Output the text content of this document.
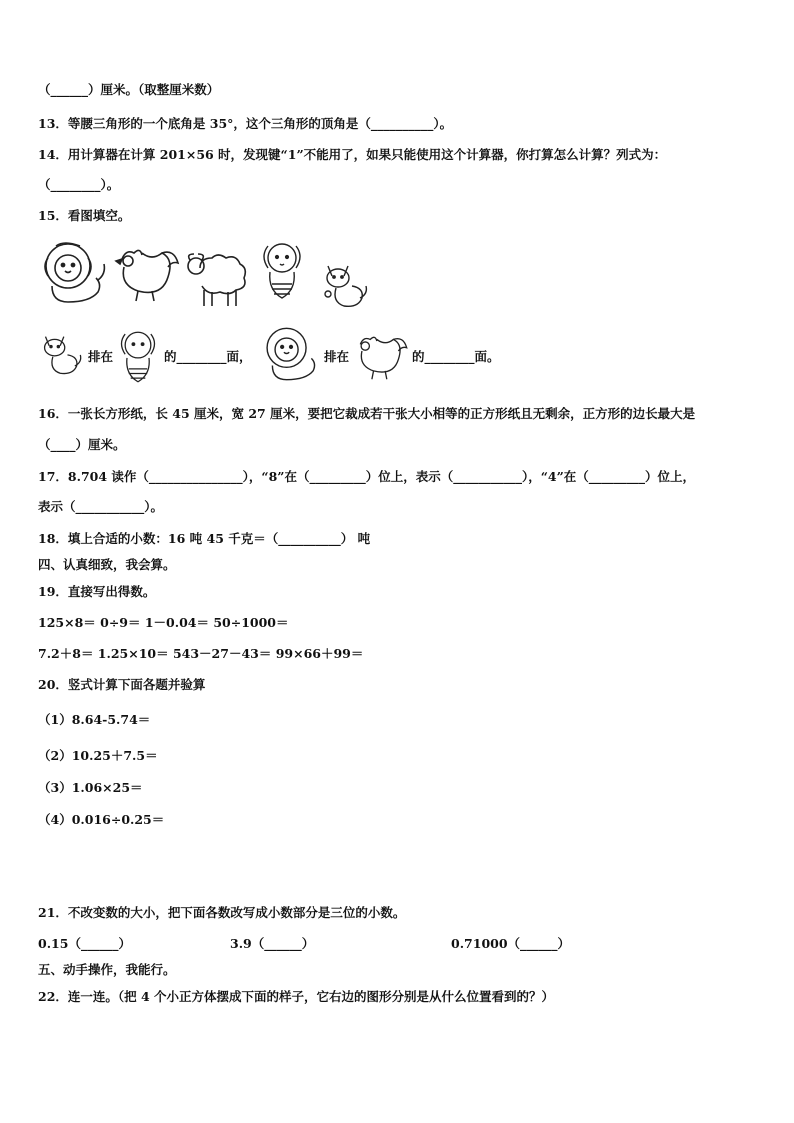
（______）厘米。（取整厘米数）
13．等腰三角形的一个底角是 35°，这个三角形的顶角是（__________）。
14．用计算器在计算 201×56 时，发现键“1”不能用了，如果只能使用这个计算器，你打算怎么计算？列式为：
（________）。
15．看图填空。
排在	的________面，	排在	的________面。
16．一张长方形纸，长 45 厘米，宽 27 厘米，要把它裁成若干张大小相等的正方形纸且无剩余，正方形的边长最大是
（____）厘米。
17．8.704 读作（_______________），“8”在（_________）位上，表示（___________），“4”在（_________）位上，
表示（___________）。
18．填上合适的小数：16 吨 45 千克＝（__________） 吨
四、认真细致，我会算。
19．直接写出得数。
125×8＝ 0÷9＝ 1－0.04＝ 50÷1000＝
7.2＋8＝ 1.25×10＝ 543－27－43＝ 99×66＋99＝
20．竖式计算下面各题并验算
（1）8.64-5.74＝
（2）10.25＋7.5＝
（3）1.06×25＝
（4）0.016÷0.25＝
21．不改变数的大小，把下面各数改写成小数部分是三位的小数。
0.15（______）	3.9（______）	0.71000（______）
五、动手操作，我能行。
22．连一连。（把 4 个小正方体摆成下面的样子，它右边的图形分别是从什么位置看到的？）
